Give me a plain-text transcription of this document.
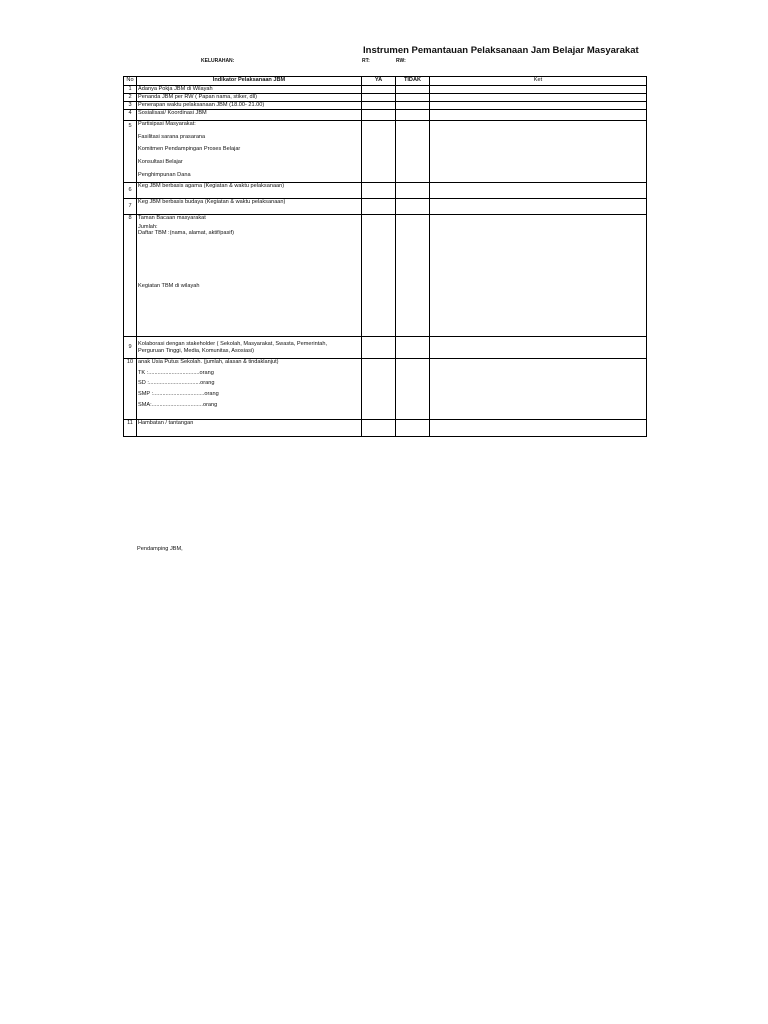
Instrumen Pemantauan Pelaksanaan Jam Belajar Masyarakat
KELURAHAN:	RT:	RW:
No	Indikator Pelaksanaan JBM	YA	TIDAK	Ket
1	Adanya Pokja JBM di Wilayah			

2	Penanda JBM per RW ( Papan nama, stiker, dll)			

3	Penerapan waktu pelaksanaan JBM (18.00- 21.00)			

4	Sosialisasi/ Koordinasi JBM			

5	Partisipasi Masyarakat:
Fasilitasi sarana prasarana
Komitmen Pendampingan Proses Belajar
Konsultasi Belajar
Penghimpunan Dana			

6	Keg JBM berbasis agama (Kegiatan & waktu pelaksanaan)			

7	Keg JBM berbasis budaya (Kegiatan & waktu pelaksanaan)			

8	Taman Bacaan masyarakat
Jumlah:
Daftar TBM :(nama, alamat, aktif/pasif)
Kegiatan TBM di wilayah			

9	Kolaborasi dengan stakeholder ( Sekolah, Masyarakat, Swasta, Pemerintah,
Perguruan Tinggi, Media, Komunitas, Asosiasi)			

10	anak Usia Putus Sekolah. (jumlah, alasan & tindaklanjut)
TK :.................................orang
SD :.................................orang
SMP :.................................orang
SMA:.................................orang			

11	Hambatan / tantangan			

Pendamping JBM,
